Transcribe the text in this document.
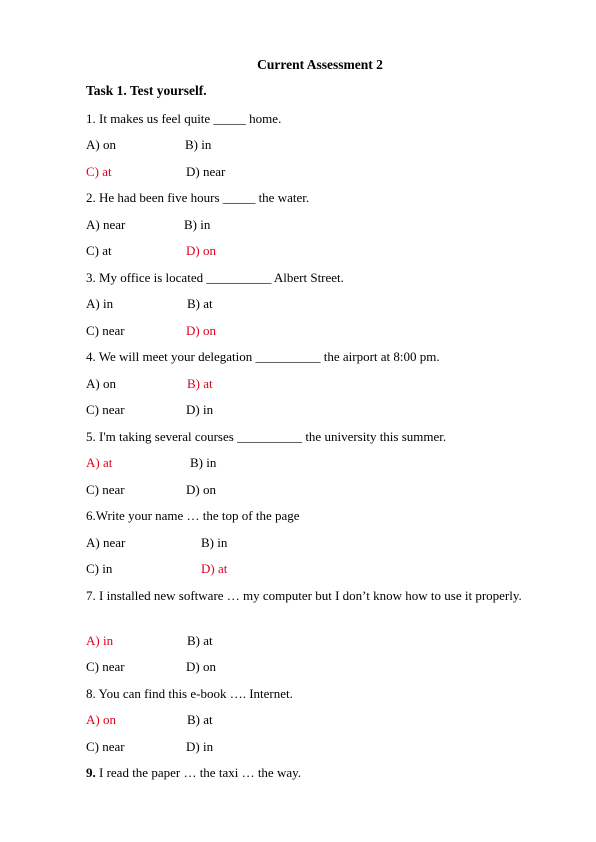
Current Assessment 2
Task 1. Test yourself.
1. It makes us feel quite _____ home.
A) on	B) in
C) at	D) near
2. He had been five hours _____ the water.
A) near	B) in
C) at	D) on
3. My office is located __________ Albert Street.
A) in	B) at
C) near	D) on
4. We will meet your delegation __________ the airport at 8:00 pm.
A) on	B) at
C) near	D) in
5. I'm taking several courses __________ the university this summer.
A) at	B) in
C) near	D) on
6.Write your name … the top of the page
A) near	B) in
C) in	D) at
7. I installed new software … my computer but I don’t know how to use it properly.
A) in	B) at
C) near	D) on
8. You can find this e-book …. Internet.
A) on	B) at
C) near	D) in
9. I read the paper … the taxi … the way.
